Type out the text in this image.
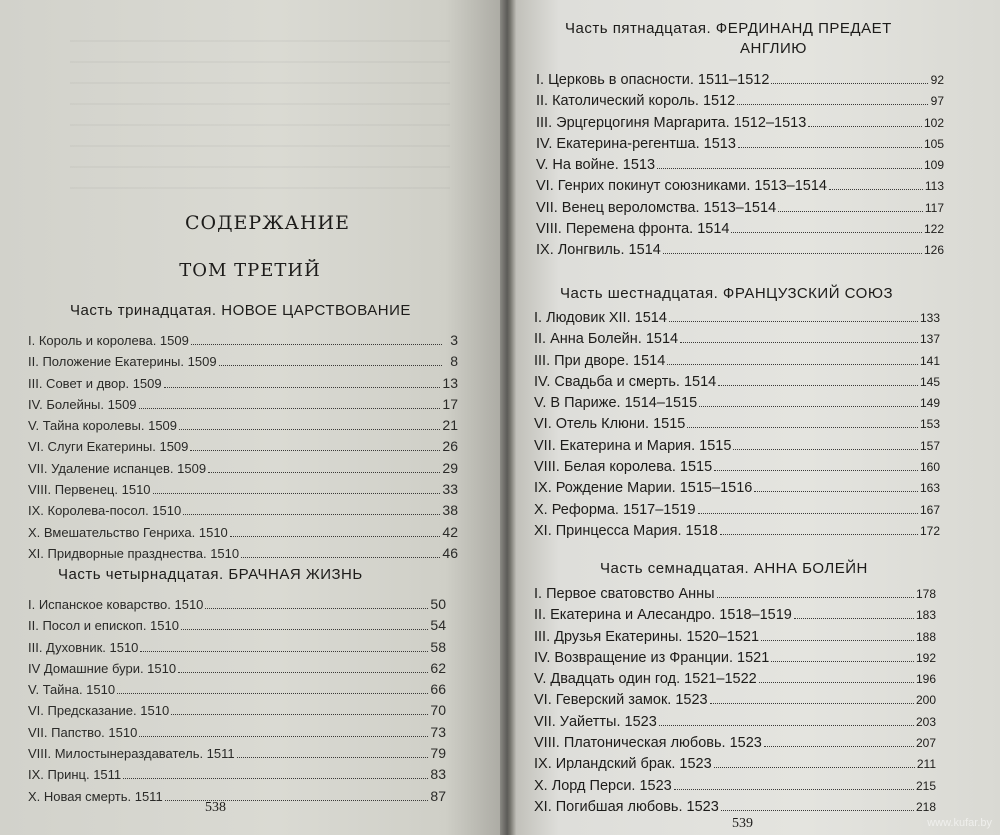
СОДЕРЖАНИЕ
ТОМ ТРЕТИЙ
Часть тринадцатая. НОВОЕ ЦАРСТВОВАНИЕ
I. Король и королева. 1509	3
II. Положение Екатерины. 1509	8
III. Совет и двор. 1509	13
IV. Болейны. 1509	17
V. Тайна королевы. 1509	21
VI. Слуги Екатерины. 1509	26
VII. Удаление испанцев. 1509	29
VIII. Первенец. 1510	33
IX. Королева-посол. 1510	38
X. Вмешательство Генриха. 1510	42
XI. Придворные празднества. 1510	46
Часть четырнадцатая. БРАЧНАЯ ЖИЗНЬ
I. Испанское коварство. 1510	50
II. Посол и епископ. 1510	54
III. Духовник. 1510	58
IV Домашние бури. 1510	62
V. Тайна. 1510	66
VI. Предсказание. 1510	70
VII. Папство. 1510	73
VIII. Милостынераздаватель. 1511	79
IX. Принц. 1511	83
X. Новая смерть. 1511	87
538
Часть пятнадцатая. ФЕРДИНАНД ПРЕДАЕТ
АНГЛИЮ
I. Церковь в опасности. 1511–1512	92
II. Католический король. 1512	97
III. Эрцгерцогиня Маргарита. 1512–1513	102
IV. Екатерина-регентша. 1513	105
V. На войне. 1513	109
VI. Генрих покинут союзниками. 1513–1514	113
VII. Венец вероломства. 1513–1514	117
VIII. Перемена фронта. 1514	122
IX. Лонгвиль. 1514	126
Часть шестнадцатая. ФРАНЦУЗСКИЙ СОЮЗ
I. Людовик XII. 1514	133
II. Анна Болейн. 1514	137
III. При дворе. 1514	141
IV. Свадьба и смерть. 1514	145
V. В Париже. 1514–1515	149
VI. Отель Клюни. 1515	153
VII. Екатерина и Мария. 1515	157
VIII. Белая королева. 1515	160
IX. Рождение Марии. 1515–1516	163
X. Реформа. 1517–1519	167
XI. Принцесса Мария. 1518	172
Часть семнадцатая. АННА БОЛЕЙН
I. Первое сватовство Анны	178
II. Екатерина и Алесандро. 1518–1519	183
III. Друзья Екатерины. 1520–1521	188
IV. Возвращение из Франции. 1521	192
V. Двадцать один год. 1521–1522	196
VI. Геверский замок. 1523	200
VII. Уайетты. 1523	203
VIII. Платоническая любовь. 1523	207
IX. Ирландский брак. 1523	211
X. Лорд Перси. 1523	215
XI. Погибшая любовь. 1523	218
539	www.kufar.by
